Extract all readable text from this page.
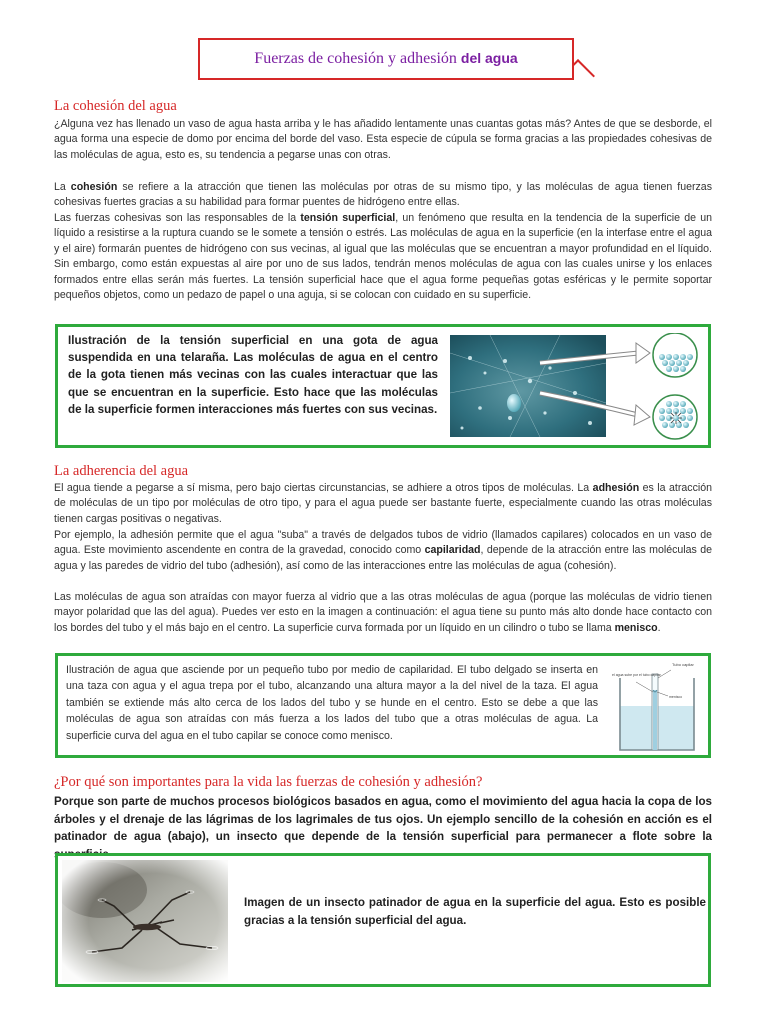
Fuerzas de cohesión y adhesión del agua
La cohesión del agua

¿Alguna vez has llenado un vaso de agua hasta arriba y le has añadido lentamente unas cuantas gotas más? Antes de que se desborde, el agua forma una especie de domo por encima del borde del vaso. Esta especie de cúpula se forma gracias a las propiedades cohesivas de las moléculas de agua, esto es, su tendencia a pegarse unas con otras.

La cohesión se refiere a la atracción que tienen las moléculas por otras de su mismo tipo, y las moléculas de agua tienen fuerzas cohesivas fuertes gracias a su habilidad para formar puentes de hidrógeno entre ellas.

Las fuerzas cohesivas son las responsables de la tensión superficial, un fenómeno que resulta en la tendencia de la superficie de un líquido a resistirse a la ruptura cuando se le somete a tensión o estrés. Las moléculas de agua en la superficie (en la interfase entre el agua y el aire) formarán puentes de hidrógeno con sus vecinas, al igual que las moléculas que se encuentran a mayor profundidad en el líquido. Sin embargo, como están expuestas al aire por uno de sus lados, tendrán menos moléculas de agua con las cuales unirse y los enlaces formados entre ellas serán más fuertes. La tensión superficial hace que el agua forme pequeñas gotas esféricas y le permite soportar pequeños objetos, como un pedazo de papel o una aguja, si se colocan con cuidado en su superficie.

Ilustración de la tensión superficial en una gota de agua suspendida en una telaraña. Las moléculas de agua en el centro de la gota tienen más vecinas con las cuales interactuar que las que se encuentran en la superficie. Esto hace que las moléculas de la superficie formen interacciones más fuertes con sus vecinas.
La adherencia del agua

El agua tiende a pegarse a sí misma, pero bajo ciertas circunstancias, se adhiere a otros tipos de moléculas. La adhesión es la atracción de moléculas de un tipo por moléculas de otro tipo, y para el agua puede ser bastante fuerte, especialmente cuando las otras moléculas tienen cargas positivas o negativas.

Por ejemplo, la adhesión permite que el agua "suba" a través de delgados tubos de vidrio (llamados capilares) colocados en un vaso de agua. Este movimiento ascendente en contra de la gravedad, conocido como capilaridad, depende de la atracción entre las moléculas de agua y las paredes de vidrio del tubo (adhesión), así como de las interacciones entre las moléculas de agua (cohesión).

Las moléculas de agua son atraídas con mayor fuerza al vidrio que a las otras moléculas de agua (porque las moléculas de vidrio tienen mayor polaridad que las del agua). Puedes ver esto en la imagen a continuación: el agua tiene su punto más alto donde hace contacto con los bordes del tubo y el más bajo en el centro. La superficie curva formada por un líquido en un cilindro o tubo se llama menisco.

Ilustración de agua que asciende por un pequeño tubo por medio de capilaridad. El tubo delgado se inserta en una taza con agua y el agua trepa por el tubo, alcanzando una altura mayor a la del nivel de la taza. El agua también se extiende más alto cerca de los lados del tubo y se hunde en el centro. Esto se debe a que las moléculas de agua son atraídas con más fuerza a los lados del tubo que a otras moléculas de agua. La superficie curva del agua en el tubo capilar se conoce como menisco.
Tubo capilar
el agua sube por el tubo capilar
menisco
¿Por qué son importantes para la vida las fuerzas de cohesión y adhesión?

Porque son parte de muchos procesos biológicos basados en agua, como el movimiento del agua hacia la copa de los árboles y el drenaje de las lágrimas de los lagrimales de tus ojos. Un ejemplo sencillo de la cohesión en acción es el patinador de agua (abajo), un insecto que depende de la tensión superficial para permanecer a flote sobre la

Imagen de un insecto patinador de agua en la superficie del agua. Esto es posible gracias a la tensión superficial del agua.
